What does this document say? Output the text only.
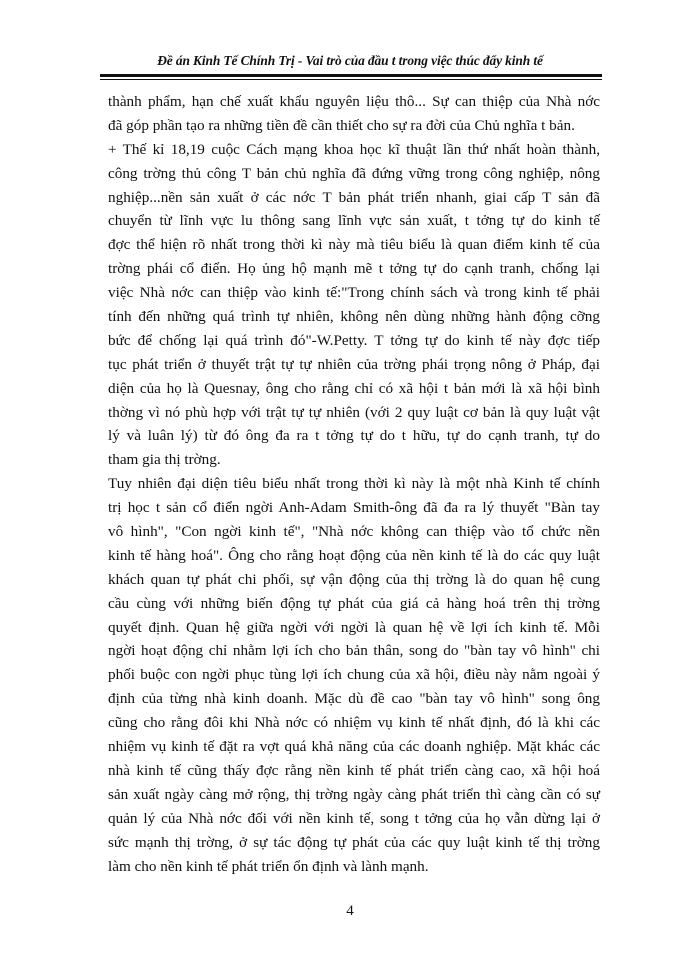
Đề án Kinh Tế Chính Trị - Vai trò của đầu t trong việc thúc đẩy kinh tế
thành phẩm, hạn chế xuất khẩu nguyên liệu thô... Sự can thiệp của Nhà nớc
đã góp phần tạo ra những tiền đề cần thiết cho sự ra đời của Chủ nghĩa t bản.
+ Thế kỉ 18,19 cuộc Cách mạng khoa học kĩ thuật lần thứ nhất hoàn thành,
công trờng thủ công T bản chủ nghĩa đã đứng vững trong công nghiệp, nông
nghiệp...nền sản xuất ở các nớc T bản phát triển nhanh, giai cấp T sản đã
chuyển từ lĩnh vực lu thông sang lĩnh vực sản xuất, t tởng tự do kinh tế
đợc thể hiện rõ nhất trong thời kì này mà tiêu biểu là quan điểm kinh tế của
trờng phái cổ điển. Họ ủng hộ mạnh mẽ t tởng tự do cạnh tranh, chống lại
việc Nhà nớc can thiệp vào kinh tế:"Trong chính sách và trong kinh tế phải
tính đến những quá trình tự nhiên, không nên dùng những hành động cỡng
bức để chống lại quá trình đó"-W.Petty. T tởng tự do kinh tế này đợc tiếp
tục phát triển ở thuyết trật tự tự nhiên của trờng phái trọng nông ở Pháp, đại
diện của họ là Quesnay, ông cho rằng chỉ có xã hội t bản mới là xã hội bình
thờng vì nó phù hợp với trật tự tự nhiên (với 2 quy luật cơ bản là quy luật vật
lý và luân lý) từ đó ông đa ra t tởng tự do t hữu, tự do cạnh tranh, tự do
tham gia thị trờng.
Tuy nhiên đại diện tiêu biểu nhất trong thời kì này là một nhà Kinh tế chính
trị học t sản cổ điển ngời Anh-Adam Smith-ông đã đa ra lý thuyết "Bàn tay
vô hình", "Con ngời kinh tế", "Nhà nớc không can thiệp vào tổ chức nền
kinh tế hàng hoá". Ông cho rằng hoạt động của nền kinh tế là do các quy luật
khách quan tự phát chi phối, sự vận động của thị trờng là do quan hệ cung
cầu cùng với những biến động tự phát của giá cả hàng hoá trên thị trờng
quyết định. Quan hệ giữa ngời với ngời là quan hệ về lợi ích kinh tế. Mỗi
ngời hoạt động chỉ nhằm lợi ích cho bản thân, song do "bàn tay vô hình" chi
phối buộc con ngời phục tùng lợi ích chung của xã hội, điều này nằm ngoài ý
định của từng nhà kinh doanh. Mặc dù đề cao "bàn tay vô hình" song ông
cũng cho rằng đôi khi Nhà nớc có nhiệm vụ kinh tế nhất định, đó là khi các
nhiệm vụ kinh tế đặt ra vợt quá khả năng của các doanh nghiệp. Mặt khác các
nhà kinh tế cũng thấy đợc rằng nền kinh tế phát triển càng cao, xã hội hoá
sản xuất ngày càng mở rộng, thị trờng ngày càng phát triển thì càng cần có sự
quản lý của Nhà nớc đối với nền kinh tế, song t tởng của họ vẫn dừng lại ở
sức mạnh thị trờng, ở sự tác động tự phát của các quy luật kinh tế thị trờng
làm cho nền kinh tế phát triển ổn định và lành mạnh.
4
